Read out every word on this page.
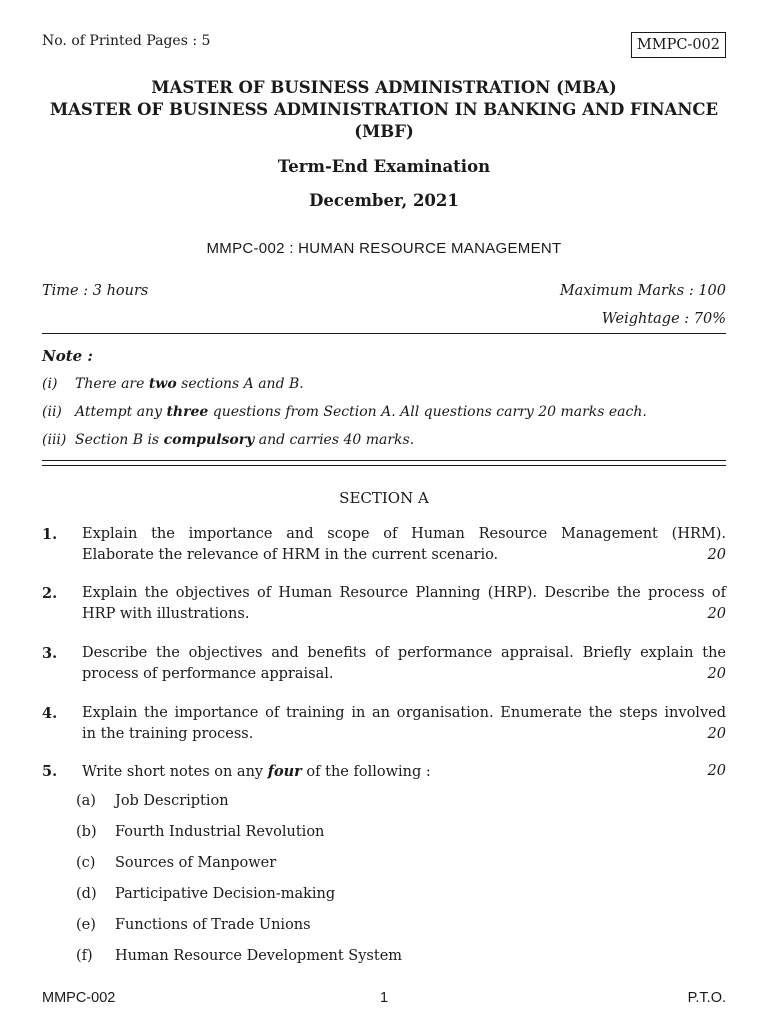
No. of Printed Pages : 5	MMPC-002
MASTER OF BUSINESS ADMINISTRATION (MBA)
MASTER OF BUSINESS ADMINISTRATION IN BANKING AND FINANCE
(MBF)
Term-End Examination
December, 2021
MMPC-002 : HUMAN RESOURCE MANAGEMENT
Time : 3 hours	Maximum Marks : 100
Weightage : 70%
Note :
(i) There are two sections A and B.
(ii) Attempt any three questions from Section A. All questions carry 20 marks each.
(iii) Section B is compulsory and carries 40 marks.
SECTION A
1. Explain the importance and scope of Human Resource Management (HRM).
Elaborate the relevance of HRM in the current scenario.	20
2. Explain the objectives of Human Resource Planning (HRP). Describe the process of
HRP with illustrations.	20
3. Describe the objectives and benefits of performance appraisal. Briefly explain the
process of performance appraisal.	20
4. Explain the importance of training in an organisation. Enumerate the steps involved
in the training process.	20
5. Write short notes on any four of the following :	20
(a) Job Description
(b) Fourth Industrial Revolution
(c) Sources of Manpower
(d) Participative Decision-making
(e) Functions of Trade Unions
(f) Human Resource Development System
MMPC-002	1	P.T.O.
